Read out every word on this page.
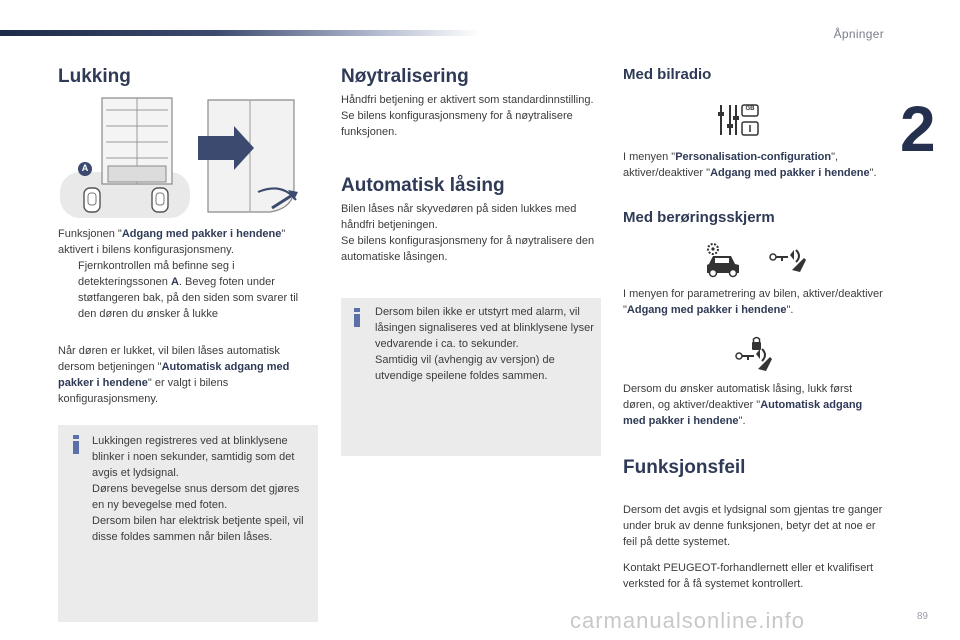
Åpninger
2
Lukking
A
Funksjonen "Adgang med pakker i hendene" aktivert i bilens konfigurasjonsmeny.
Fjernkontrollen må befinne seg i detekteringssonen A. Beveg foten under støtfangeren bak, på den siden som svarer til den døren du ønsker å lukke
Når døren er lukket, vil bilen låses automatisk dersom betjeningen "Automatisk adgang med pakker i hendene" er valgt i bilens konfigurasjonsmeny.
Lukkingen registreres ved at blinklysene blinker i noen sekunder, samtidig som det avgis et lydsignal.
Dørens bevegelse snus dersom det gjøres en ny bevegelse med foten.
Dersom bilen har elektrisk betjente speil, vil disse foldes sammen når bilen låses.
Nøytralisering
Håndfri betjening er aktivert som standardinnstilling.
Se bilens konfigurasjonsmeny for å nøytralisere funksjonen.
Automatisk låsing
Bilen låses når skyvedøren på siden lukkes med håndfri betjeningen.
Se bilens konfigurasjonsmeny for å nøytralisere den automatiske låsingen.
Dersom bilen ikke er utstyrt med alarm, vil låsingen signaliseres ved at blinklysene lyser vedvarende i ca. to sekunder.
Samtidig vil (avhengig av versjon) de utvendige speilene foldes sammen.
Med bilradio
GB
I menyen "Personalisation-configuration", aktiver/deaktiver "Adgang med pakker i hendene".
Med berøringsskjerm
I menyen for parametrering av bilen, aktiver/deaktiver "Adgang med pakker i hendene".
Dersom du ønsker automatisk låsing, lukk først døren, og aktiver/deaktiver "Automatisk adgang med pakker i hendene".
Funksjonsfeil
Dersom det avgis et lydsignal som gjentas tre ganger under bruk av denne funksjonen, betyr det at noe er feil på dette systemet.
Kontakt PEUGEOT-forhandlernett eller et kvalifisert verksted for å få systemet kontrollert.
carmanualsonline.info	89
